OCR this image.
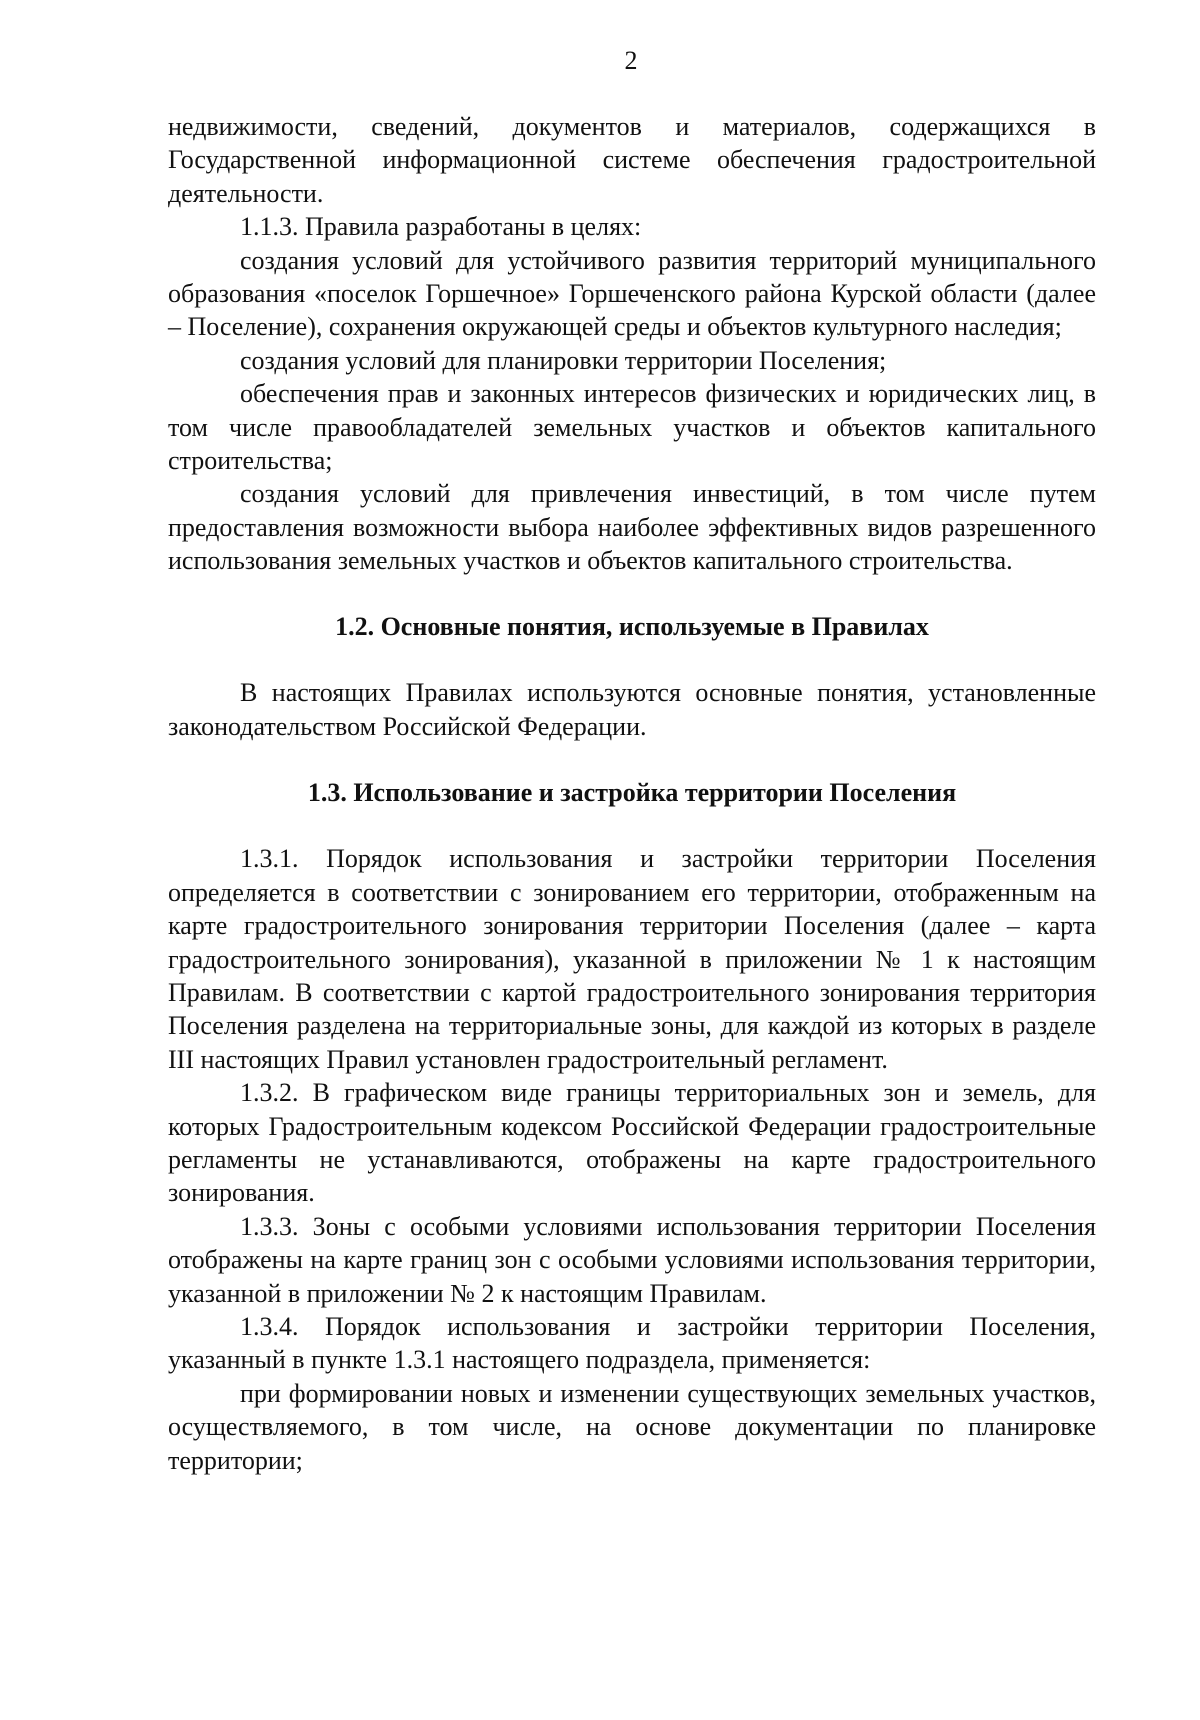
2

недвижимости, сведений, документов и материалов, содержащихся в Государственной информационной системе обеспечения градостроительной деятельности.

1.1.3. Правила разработаны в целях:

создания условий для устойчивого развития территорий муниципального образования «поселок Горшечное» Горшеченского района Курской области (далее – Поселение), сохранения окружающей среды и объектов культурного наследия;

создания условий для планировки территории Поселения;

обеспечения прав и законных интересов физических и юридических лиц, в том числе правообладателей земельных участков и объектов капитального строительства;

создания условий для привлечения инвестиций, в том числе путем предоставления возможности выбора наиболее эффективных видов разрешенного использования земельных участков и объектов капитального строительства.

1.2. Основные понятия, используемые в Правилах

В настоящих Правилах используются основные понятия, установленные законодательством Российской Федерации.

1.3. Использование и застройка территории Поселения

1.3.1. Порядок использования и застройки территории Поселения определяется в соответствии с зонированием его территории, отображенным на карте градостроительного зонирования территории Поселения (далее – карта градостроительного зонирования), указанной в приложении № 1 к настоящим Правилам. В соответствии с картой градостроительного зонирования территория Поселения разделена на территориальные зоны, для каждой из которых в разделе III настоящих Правил установлен градостроительный регламент.

1.3.2. В графическом виде границы территориальных зон и земель, для которых Градостроительным кодексом Российской Федерации градостроительные регламенты не устанавливаются, отображены на карте градостроительного зонирования.

1.3.3. Зоны с особыми условиями использования территории Поселения отображены на карте границ зон с особыми условиями использования территории, указанной в приложении № 2 к настоящим Правилам.

1.3.4. Порядок использования и застройки территории Поселения, указанный в пункте 1.3.1 настоящего подраздела, применяется:

при формировании новых и изменении существующих земельных участков, осуществляемого, в том числе, на основе документации по планировке территории;
